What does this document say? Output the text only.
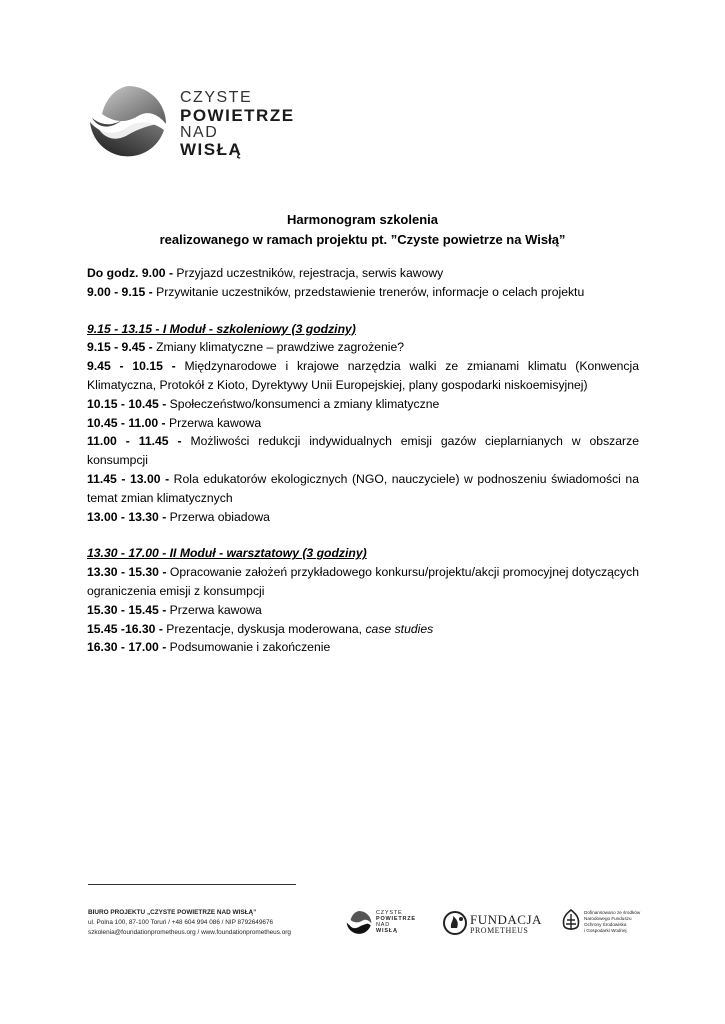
CZYSTE
POWIETRZE
NAD
WISŁĄ
Harmonogram szkolenia
realizowanego w ramach projektu pt. ”Czyste powietrze na Wisłą”

Do godz. 9.00 - Przyjazd uczestników, rejestracja, serwis kawowy

9.00 - 9.15 - Przywitanie uczestników, przedstawienie trenerów, informacje o celach projektu

9.15 - 13.15 - I Moduł - szkoleniowy (3 godziny)

9.15 - 9.45 - Zmiany klimatyczne – prawdziwe zagrożenie?

9.45 - 10.15 - Międzynarodowe i krajowe narzędzia walki ze zmianami klimatu (Konwencja Klimatyczna, Protokół z Kioto, Dyrektywy Unii Europejskiej, plany gospodarki niskoemisyjnej)

10.15 - 10.45 - Społeczeństwo/konsumenci a zmiany klimatyczne

10.45 - 11.00 - Przerwa kawowa

11.00 - 11.45 - Możliwości redukcji indywidualnych emisji gazów cieplarnianych w obszarze konsumpcji

11.45 - 13.00 - Rola edukatorów ekologicznych (NGO, nauczyciele) w podnoszeniu świadomości na temat zmian klimatycznych

13.00 - 13.30 - Przerwa obiadowa

13.30 - 17.00 - II Moduł - warsztatowy (3 godziny)

13.30 - 15.30 - Opracowanie założeń przykładowego konkursu/projektu/akcji promocyjnej dotyczących ograniczenia emisji z konsumpcji

15.30 - 15.45 - Przerwa kawowa

15.45 -16.30 - Prezentacje, dyskusja moderowana, case studies

16.30 - 17.00 - Podsumowanie i zakończenie

BIURO PROJEKTU „CZYSTE POWIETRZE NAD WISŁĄ”
ul. Polna 100, 87-100 Toruń / +48 604 994 086 / NIP 8792649676
szkolenia@foundationprometheus.org / www.foundationprometheus.org
CZYSTE
POWIETRZE
NAD
WISŁĄ
FUNDACJA
PROMETHEUS
Dofinansowano ze środków
Narodowego Funduszu
Ochrony Środowiska
i Gospodarki Wodnej
